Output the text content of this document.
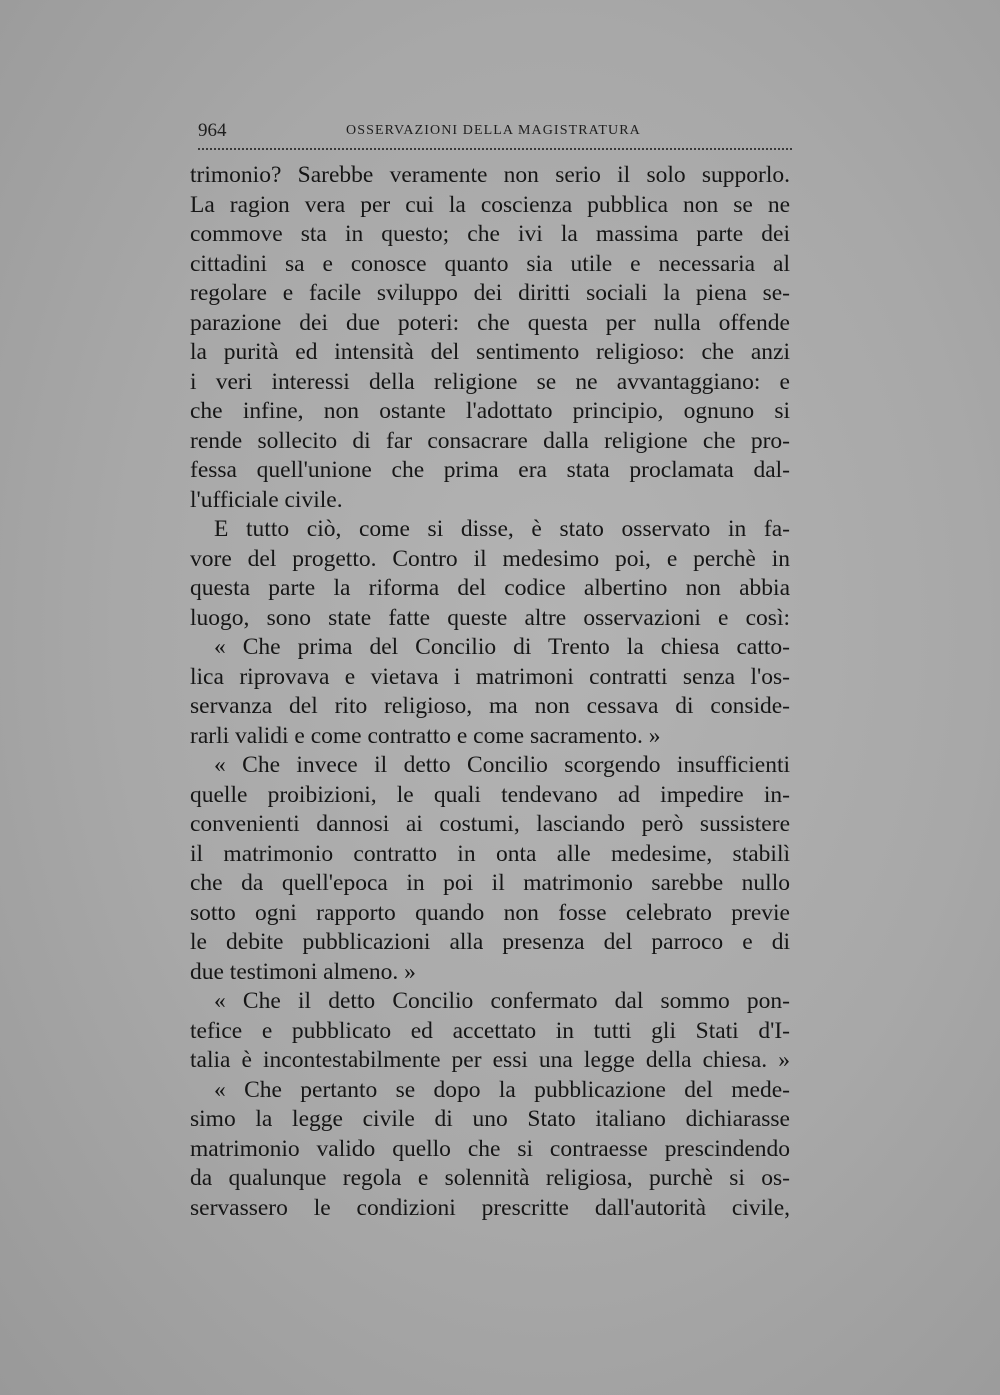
964	OSSERVAZIONI DELLA MAGISTRATURA
trimonio? Sarebbe veramente non serio il solo supporlo.
La ragion vera per cui la coscienza pubblica non se ne
commove sta in questo; che ivi la massima parte dei
cittadini sa e conosce quanto sia utile e necessaria al
regolare e facile sviluppo dei diritti sociali la piena se-
parazione dei due poteri: che questa per nulla offende
la purità ed intensità del sentimento religioso: che anzi
i veri interessi della religione se ne avvantaggiano: e
che infine, non ostante l'adottato principio, ognuno si
rende sollecito di far consacrare dalla religione che pro-
fessa quell'unione che prima era stata proclamata dal-
l'ufficiale civile.
E tutto ciò, come si disse, è stato osservato in fa-
vore del progetto. Contro il medesimo poi, e perchè in
questa parte la riforma del codice albertino non abbia
luogo, sono state fatte queste altre osservazioni e così:
« Che prima del Concilio di Trento la chiesa catto-
lica riprovava e vietava i matrimoni contratti senza l'os-
servanza del rito religioso, ma non cessava di conside-
rarli validi e come contratto e come sacramento. »
« Che invece il detto Concilio scorgendo insufficienti
quelle proibizioni, le quali tendevano ad impedire in-
convenienti dannosi ai costumi, lasciando però sussistere
il matrimonio contratto in onta alle medesime, stabilì
che da quell'epoca in poi il matrimonio sarebbe nullo
sotto ogni rapporto quando non fosse celebrato previe
le debite pubblicazioni alla presenza del parroco e di
due testimoni almeno. »
« Che il detto Concilio confermato dal sommo pon-
tefice e pubblicato ed accettato in tutti gli Stati d'I-
talia è incontestabilmente per essi una legge della chiesa. »
« Che pertanto se dopo la pubblicazione del mede-
simo la legge civile di uno Stato italiano dichiarasse
matrimonio valido quello che si contraesse prescindendo
da qualunque regola e solennità religiosa, purchè si os-
servassero le condizioni prescritte dall'autorità civile,
